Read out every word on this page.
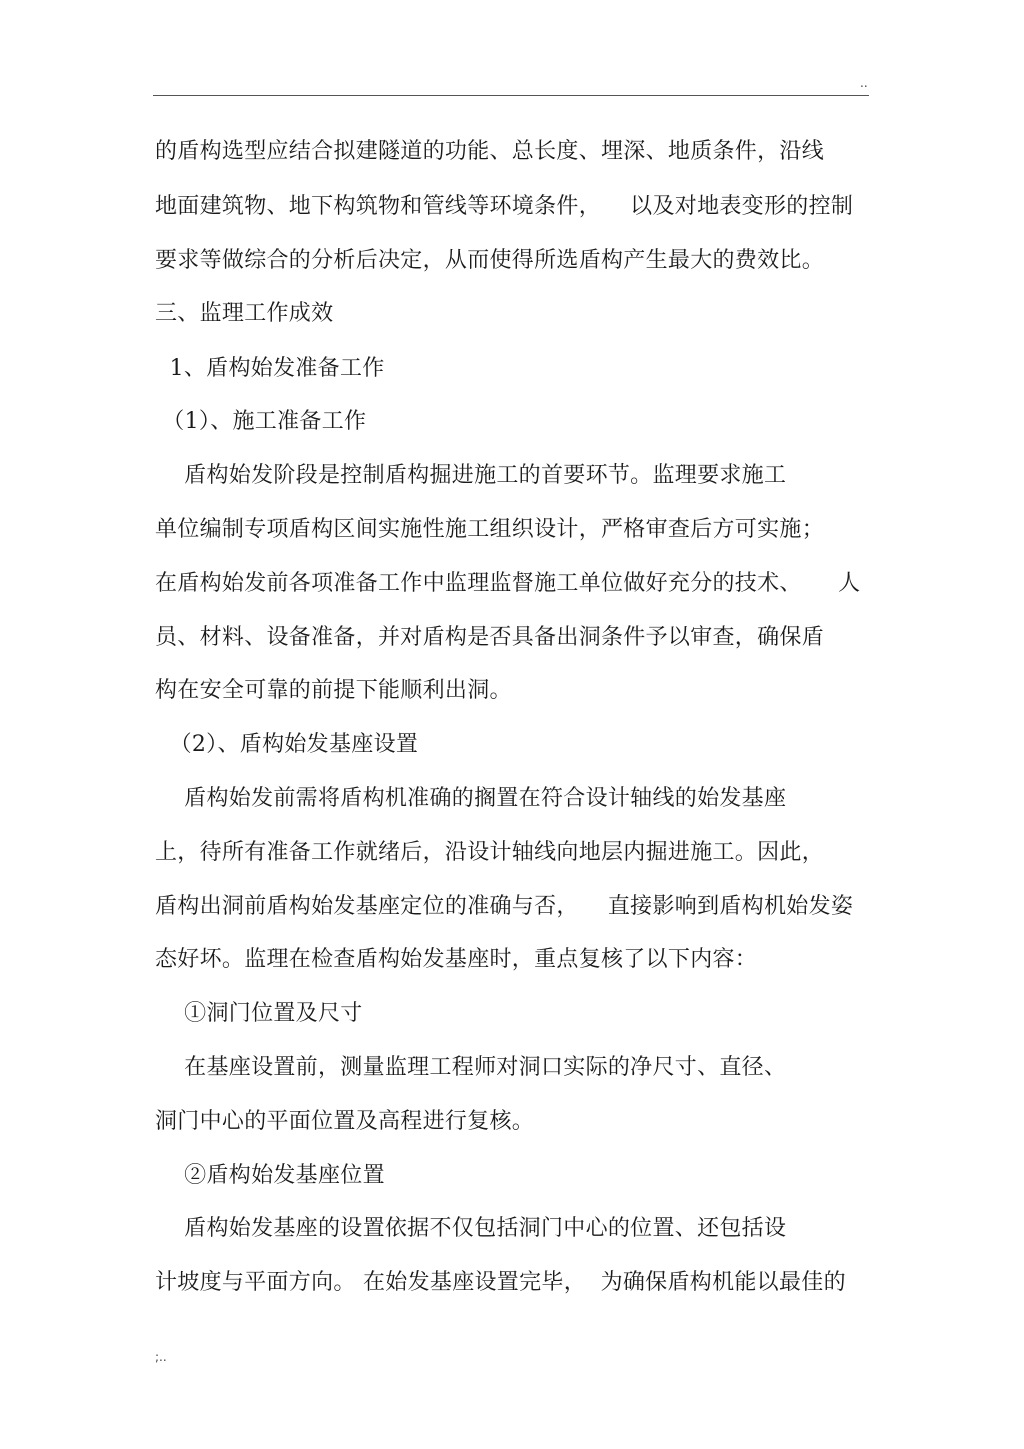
..
的盾构选型应结合拟建隧道的功能、总长度、埋深、地质条件，沿线
地面建筑物、地下构筑物和管线等环境条件，    以及对地表变形的控制
要求等做综合的分析后决定，从而使得所选盾构产生最大的费效比。
三、监理工作成效
1、盾构始发准备工作
（1）、施工准备工作
盾构始发阶段是控制盾构掘进施工的首要环节。监理要求施工
单位编制专项盾构区间实施性施工组织设计，严格审查后方可实施；
在盾构始发前各项准备工作中监理监督施工单位做好充分的技术、     人
员、材料、设备准备，并对盾构是否具备出洞条件予以审查，确保盾
构在安全可靠的前提下能顺利出洞。
（2）、盾构始发基座设置
盾构始发前需将盾构机准确的搁置在符合设计轴线的始发基座
上，待所有准备工作就绪后，沿设计轴线向地层内掘进施工。因此，
盾构出洞前盾构始发基座定位的准确与否，    直接影响到盾构机始发姿
态好坏。监理在检查盾构始发基座时，重点复核了以下内容：
①洞门位置及尺寸
在基座设置前，测量监理工程师对洞口实际的净尺寸、直径、
洞门中心的平面位置及高程进行复核。
②盾构始发基座位置
盾构始发基座的设置依据不仅包括洞门中心的位置、还包括设
计坡度与平面方向。 在始发基座设置完毕，  为确保盾构机能以最佳的
;..
